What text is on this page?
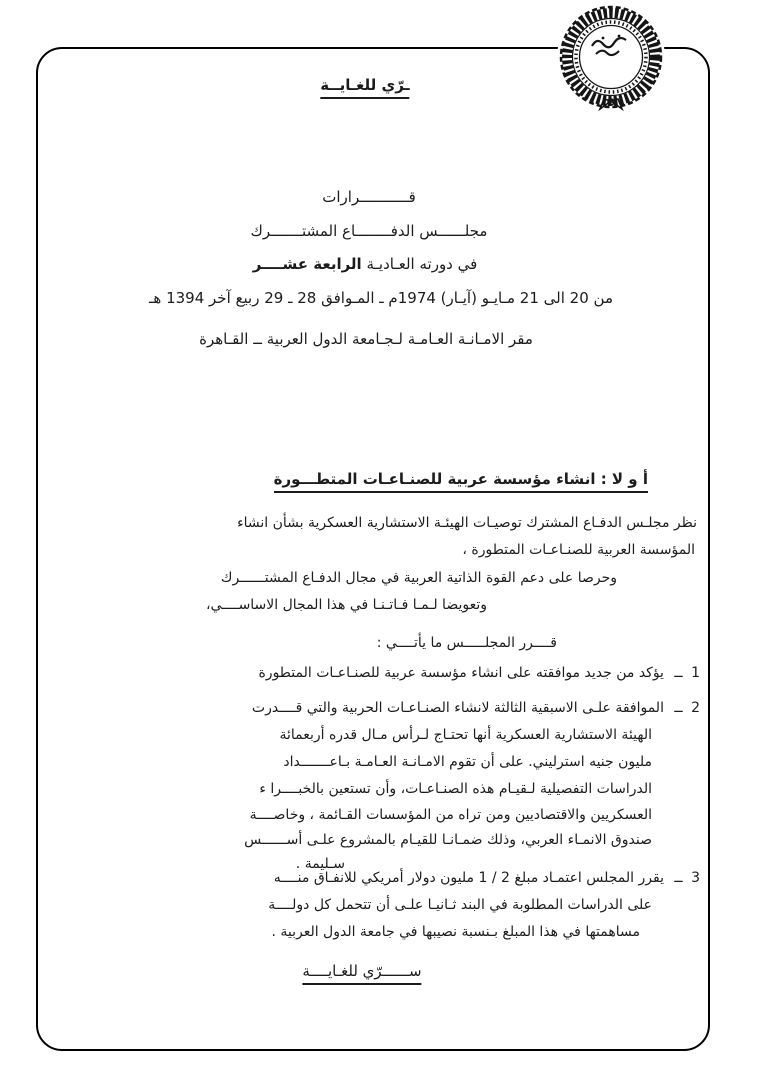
ـرّي للغـايــة
قـــــــــــرارات
مجلــــــس الدفــــــــاع المشتـــــــرك
في دورته العـاديـة الرابعة عشــــر
من 20 الى 21 مـايـو (آيـار) 1974م ـ المـوافق 28 ـ 29 ربيع آخر 1394 هـ
مقر الامـانـة العـامـة لـجـامعة الدول العربية ــ القـاهرة
أ و لا : انشاء مؤسسة عربية للصنـاعـات المتطـــورة
نظر مجلـس الدفـاع المشترك توصيـات الهيئـة الاستشارية العسكرية بشأن انشاء
المؤسسة العربية للصنـاعـات المتطورة ،
وحرصا على دعم القوة الذاتية العربية في مجال الدفـاع المشتــــــرك
وتعويضا لـمـا فـاتـنـا في هذا المجال الاساســــي،
قــــرر المجلـــــس ما يأتــــي :
1 ــ يؤكد من جديد موافقته على انشاء مؤسسة عربية للصنـاعـات المتطورة
2 ــ الموافقة علـى الاسبقية الثالثة لانشاء الصنـاعـات الحربية والتي قــــدرت
الهيئة الاستشارية العسكرية أنها تحتـاج لـرأس مـال قدره أربعمائة
مليون جنيه استرليني. على أن تقوم الامـانـة العـامـة بـاعـــــــداد
الدراسات التفصيلية لـقيـام هذه الصنـاعـات، وأن تستعين بالخبــــرا ء
العسكريين والاقتصاديين ومن تراه من المؤسسات القـائمة ، وخاصــــة
صندوق الانمـاء العربي، وذلك ضمـانـا للقيـام بالمشروع علـى أســــــس
سـليمة .
3 ــ يقرر المجلس اعتمـاد مبلغ 2 / 1 مليون دولار أمريكي للانفـاق منــــه
على الدراسات المطلوبة في البند ثـانيـا علـى أن تتحمل كل دولــــة
مساهمتها في هذا المبلغ بـنسبة نصيبها في جامعة الدول العربية .
ســــــرّي للغـايــــة
